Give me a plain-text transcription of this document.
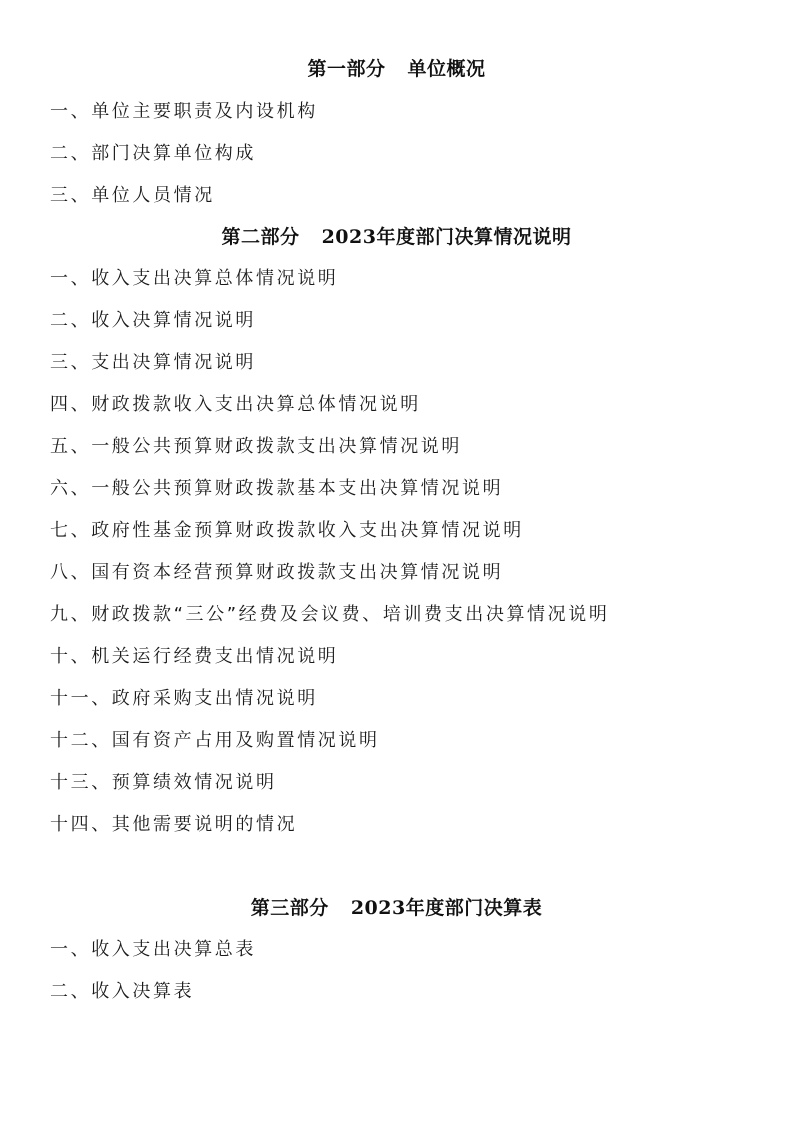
第一部分 单位概况
一、单位主要职责及内设机构
二、部门决算单位构成
三、单位人员情况
第二部分 2023年度部门决算情况说明
一、收入支出决算总体情况说明
二、收入决算情况说明
三、支出决算情况说明
四、财政拨款收入支出决算总体情况说明
五、一般公共预算财政拨款支出决算情况说明
六、一般公共预算财政拨款基本支出决算情况说明
七、政府性基金预算财政拨款收入支出决算情况说明
八、国有资本经营预算财政拨款支出决算情况说明
九、财政拨款“三公”经费及会议费、培训费支出决算情况说明
十、机关运行经费支出情况说明
十一、政府采购支出情况说明
十二、国有资产占用及购置情况说明
十三、预算绩效情况说明
十四、其他需要说明的情况
第三部分 2023年度部门决算表
一、收入支出决算总表
二、收入决算表
